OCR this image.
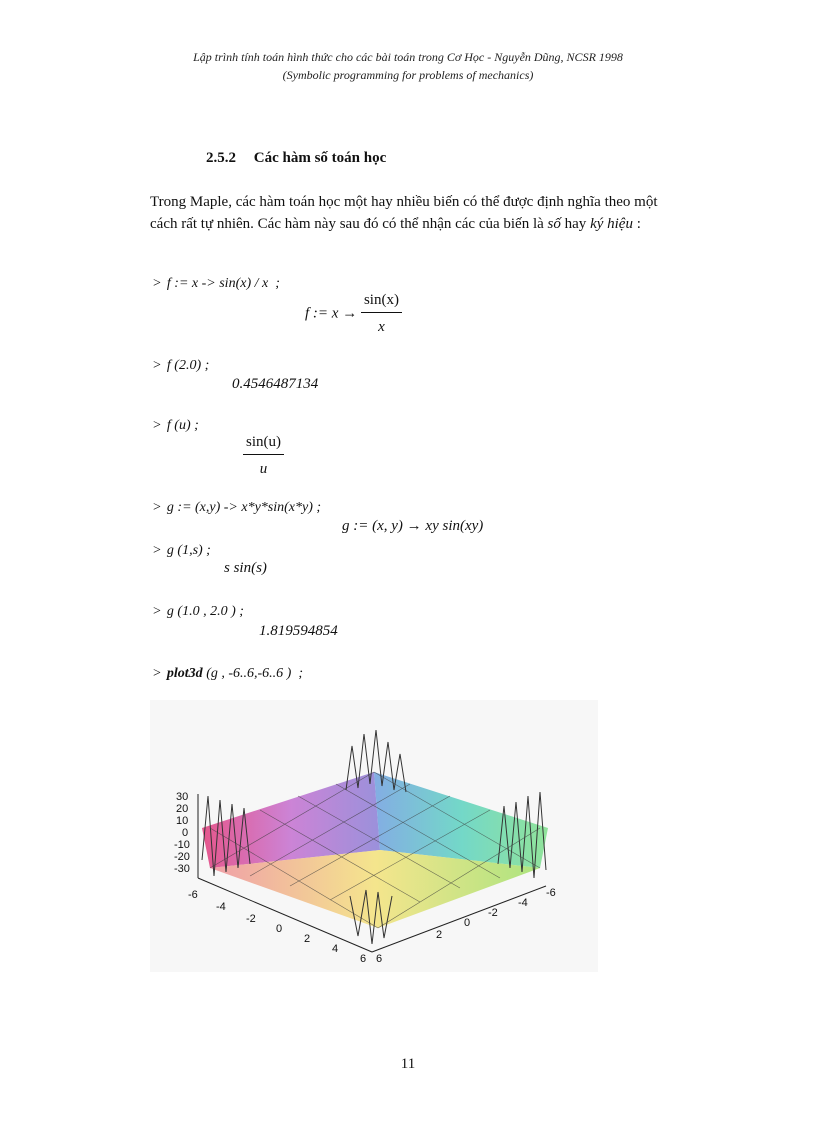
Lập trình tính toán hình thức cho các bài toán trong Cơ Học - Nguyễn Dũng, NCSR 1998
(Symbolic programming for problems of mechanics)
2.5.2 Các hàm số toán học
Trong Maple, các hàm toán học một hay nhiều biến có thể được định nghĩa theo một cách rất tự nhiên. Các hàm này sau đó có thể nhận các của biến là số hay ký hiệu :
> f := x -> sin(x) / x  ;
f := $x \to \frac{\sin(x)}{x}$
> f (2.0) ;
0.4546487134
> f (u) ;
$\frac{\sin(u)}{u}$
> g := (x,y) -> x*y*sin(x*y) ;
g := (x, y) → xy sin(xy)
> g (1,s) ;
s sin(s)
> g (1.0 , 2.0 ) ;
1.819594854
> plot3d (g , -6..6,-6..6 )  ;
30
20
10
0
-10
-20
-30
-6
-4
-2
0
2
4
6 6
2
0
-2
-4
-6
11
